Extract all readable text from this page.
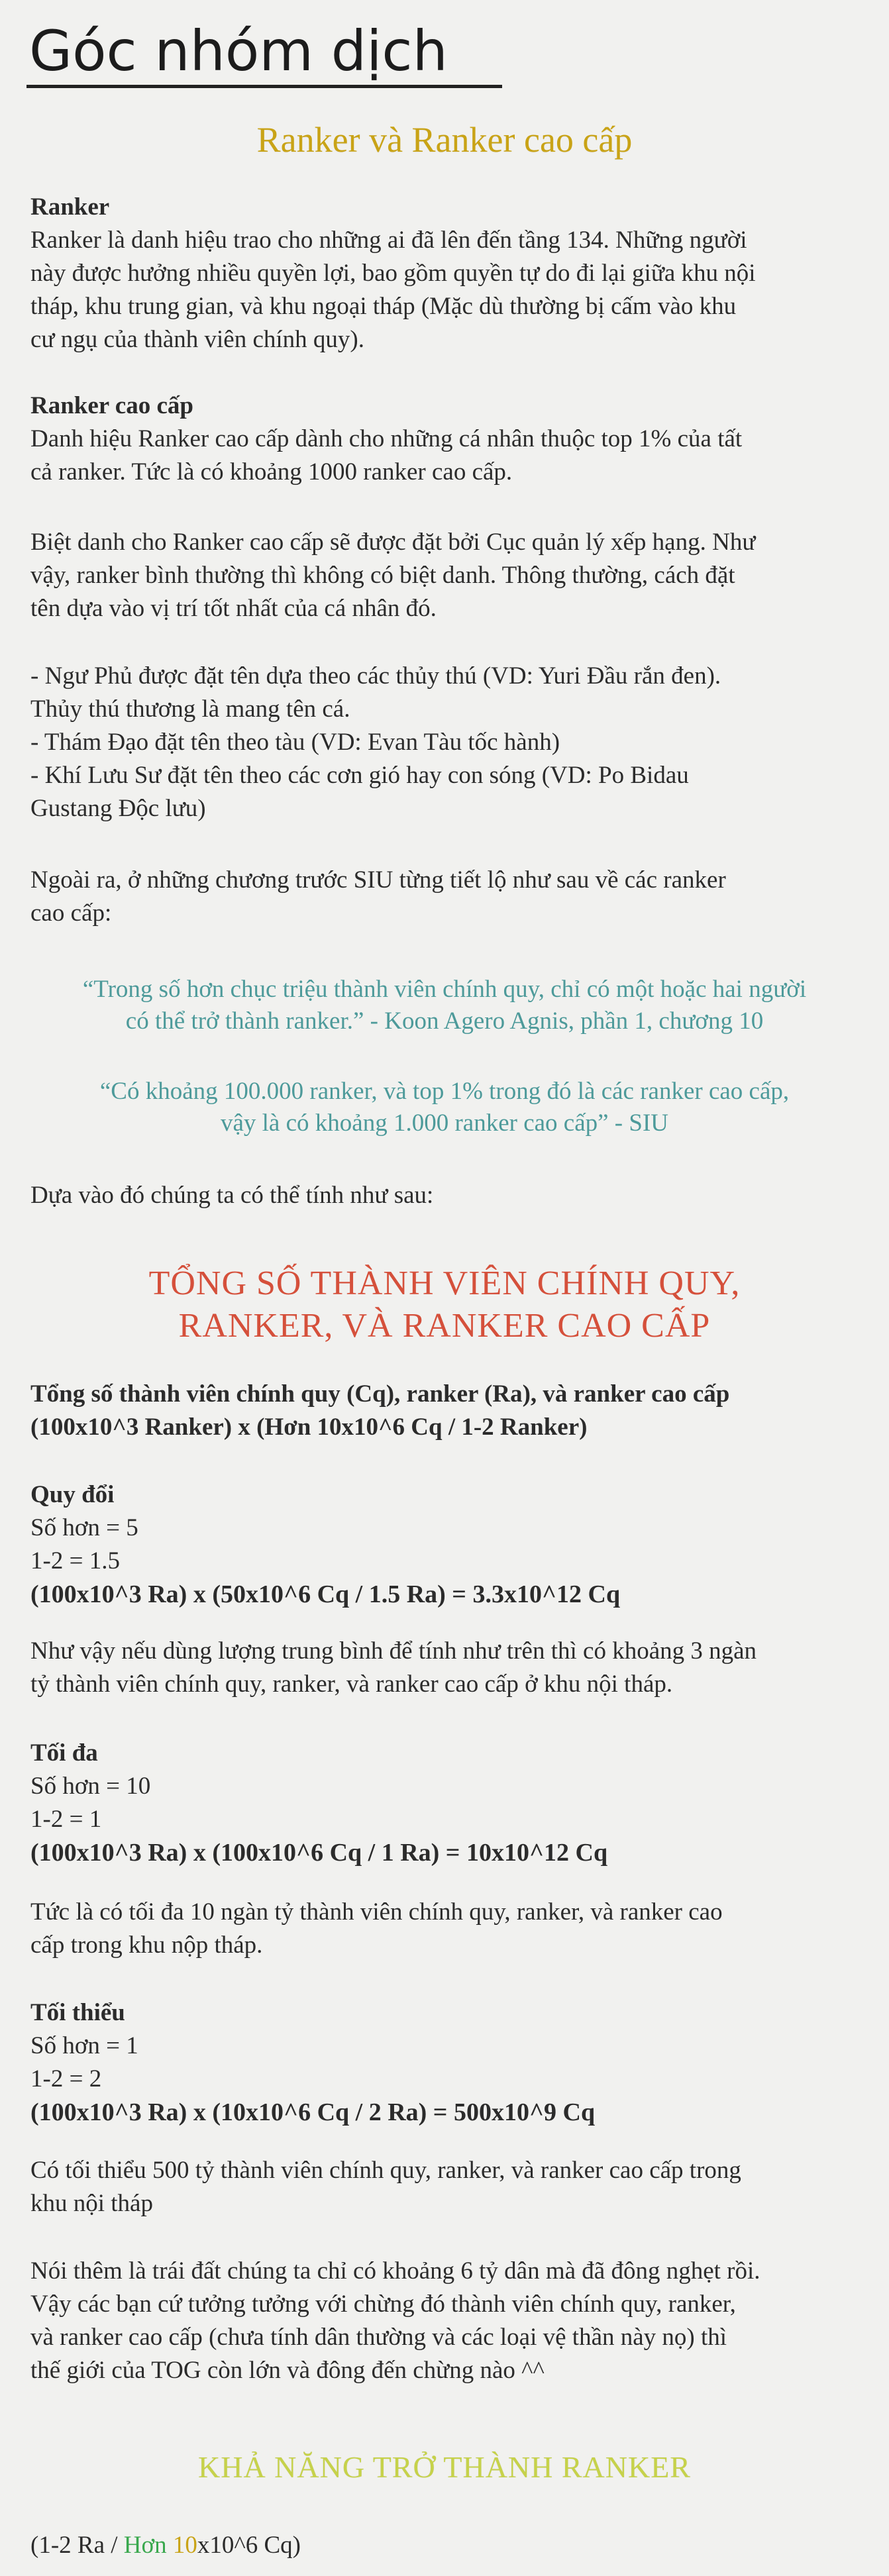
Góc nhóm dịch
Ranker và Ranker cao cấp

Ranker

Ranker là danh hiệu trao cho những ai đã lên đến tầng 134. Những người

này được hưởng nhiều quyền lợi, bao gồm quyền tự do đi lại giữa khu nội

tháp, khu trung gian, và khu ngoại tháp (Mặc dù thường bị cấm vào khu

cư ngụ của thành viên chính quy).

Ranker cao cấp

Danh hiệu Ranker cao cấp dành cho những cá nhân thuộc top 1% của tất

cả ranker. Tức là có khoảng 1000 ranker cao cấp.

Biệt danh cho Ranker cao cấp sẽ được đặt bởi Cục quản lý xếp hạng. Như

vậy, ranker bình thường thì không có biệt danh. Thông thường, cách đặt

tên dựa vào vị trí tốt nhất của cá nhân đó.

- Ngư Phủ được đặt tên dựa theo các thủy thú (VD: Yuri Đầu rắn đen).

Thủy thú thương là mang tên cá.

- Thám Đạo đặt tên theo tàu (VD: Evan Tàu tốc hành)

- Khí Lưu Sư đặt tên theo các cơn gió hay con sóng (VD: Po Bidau

Gustang Độc lưu)

Ngoài ra, ở những chương trước SIU từng tiết lộ như sau về các ranker

cao cấp:

“Trong số hơn chục triệu thành viên chính quy, chỉ có một hoặc hai người
có thể trở thành ranker.” - Koon Agero Agnis, phần 1, chương 10
“Có khoảng 100.000 ranker, và top 1% trong đó là các ranker cao cấp,
vậy là có khoảng 1.000 ranker cao cấp” - SIU

Dựa vào đó chúng ta có thể tính như sau:

TỔNG SỐ THÀNH VIÊN CHÍNH QUY,
RANKER, VÀ RANKER CAO CẤP

Tổng số thành viên chính quy (Cq), ranker (Ra), và ranker cao cấp

(100x10^3 Ranker) x (Hơn 10x10^6 Cq / 1-2 Ranker)

Quy đổi

Số hơn = 5

1-2 = 1.5

(100x10^3 Ra) x (50x10^6 Cq / 1.5 Ra) = 3.3x10^12 Cq

Như vậy nếu dùng lượng trung bình để tính như trên thì có khoảng 3 ngàn

tỷ thành viên chính quy, ranker, và ranker cao cấp ở khu nội tháp.

Tối đa

Số hơn = 10

1-2 = 1

(100x10^3 Ra) x (100x10^6 Cq / 1 Ra) = 10x10^12 Cq

Tức là có tối đa 10 ngàn tỷ thành viên chính quy, ranker, và ranker cao

cấp trong khu nộp tháp.

Tối thiểu

Số hơn = 1

1-2 = 2

(100x10^3 Ra) x (10x10^6 Cq / 2 Ra) = 500x10^9 Cq

Có tối thiểu 500 tỷ thành viên chính quy, ranker, và ranker cao cấp trong

khu nội tháp

Nói thêm là trái đất chúng ta chỉ có khoảng 6 tỷ dân mà đã đông nghẹt rồi.

Vậy các bạn cứ tưởng tưởng với chừng đó thành viên chính quy, ranker,

và ranker cao cấp (chưa tính dân thường và các loại vệ thần này nọ) thì

thế giới của TOG còn lớn và đông đến chừng nào ^^

KHẢ NĂNG TRỞ THÀNH RANKER

(1-2 Ra / Hơn 10x10^6 Cq)
